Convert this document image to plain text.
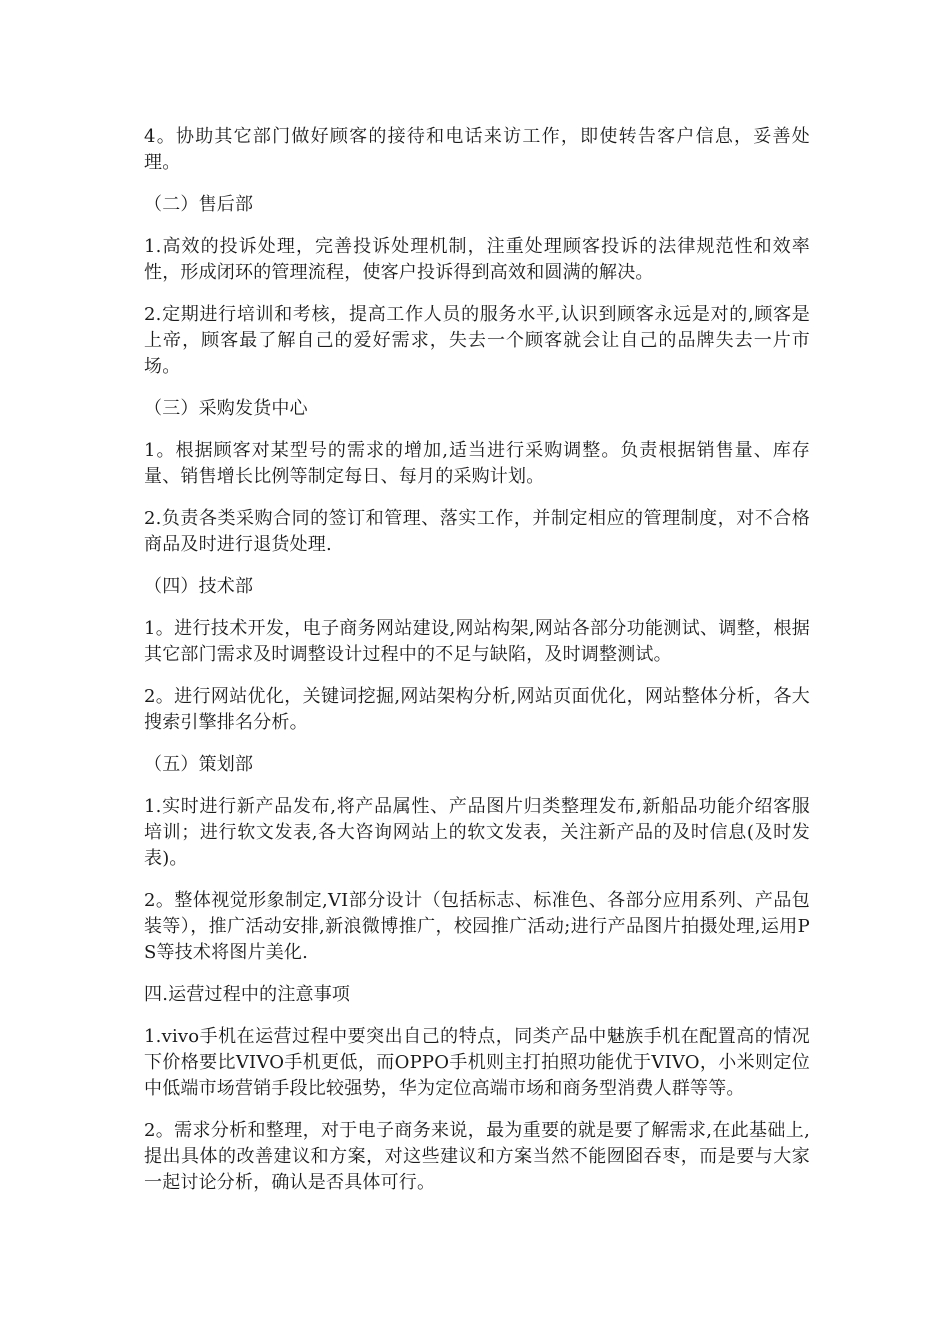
4。协助其它部门做好顾客的接待和电话来访工作，即使转告客户信息，妥善处理。

（二）售后部

1.高效的投诉处理，完善投诉处理机制，注重处理顾客投诉的法律规范性和效率性，形成闭环的管理流程，使客户投诉得到高效和圆满的解决。

2.定期进行培训和考核，提高工作人员的服务水平,认识到顾客永远是对的,顾客是上帝，顾客最了解自己的爱好需求，失去一个顾客就会让自己的品牌失去一片市场。

（三）采购发货中心

1。根据顾客对某型号的需求的增加,适当进行采购调整。负责根据销售量、库存量、销售增长比例等制定每日、每月的采购计划。

2.负责各类采购合同的签订和管理、落实工作，并制定相应的管理制度，对不合格商品及时进行退货处理.

（四）技术部

1。进行技术开发，电子商务网站建设,网站构架,网站各部分功能测试、调整，根据其它部门需求及时调整设计过程中的不足与缺陷，及时调整测试。

2。进行网站优化，关键词挖掘,网站架构分析,网站页面优化，网站整体分析，各大搜索引擎排名分析。

（五）策划部

1.实时进行新产品发布,将产品属性、产品图片归类整理发布,新船品功能介绍客服培训；进行软文发表,各大咨询网站上的软文发表，关注新产品的及时信息(及时发表)。

2。整体视觉形象制定,VI部分设计（包括标志、标准色、各部分应用系列、产品包装等），推广活动安排,新浪微博推广，校园推广活动;进行产品图片拍摄处理,运用PS等技术将图片美化.

四.运营过程中的注意事项

1.vivo手机在运营过程中要突出自己的特点，同类产品中魅族手机在配置高的情况下价格要比VIVO手机更低，而OPPO手机则主打拍照功能优于VIVO，小米则定位中低端市场营销手段比较强势，华为定位高端市场和商务型消费人群等等。

2。需求分析和整理，对于电子商务来说，最为重要的就是要了解需求,在此基础上,提出具体的改善建议和方案，对这些建议和方案当然不能囫囵吞枣，而是要与大家一起讨论分析，确认是否具体可行。
